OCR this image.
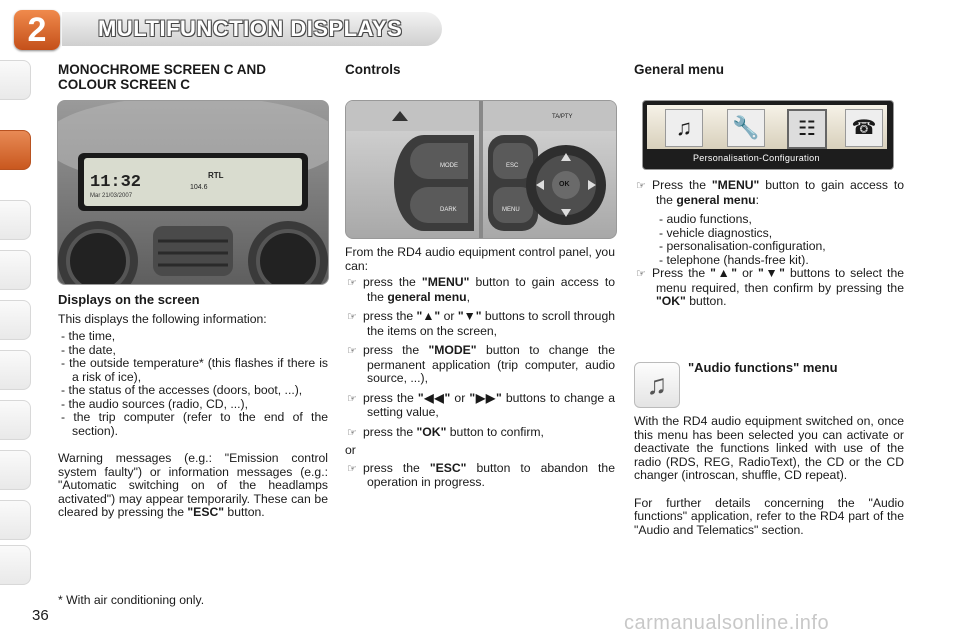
2	MULTIFUNCTION DISPLAYS
MONOCHROME SCREEN C AND COLOUR SCREEN C
11:32
Mar 21/03/2007
RTL
104.6
Displays on the screen

This displays the following information:

- the time,
- the date,
- the outside temperature* (this flashes if there is a risk of ice),
- the status of the accesses (doors, boot, ...),
- the audio sources (radio, CD, ...),
- the trip computer (refer to the end of the section).

Warning messages (e.g.: "Emission control system faulty") or information messages (e.g.: "Automatic switching on of the headlamps activated") may appear temporarily. These can be cleared by pressing the "ESC" button.

Controls
TA/PTY
MODE
DARK
ESC
MENU
OK

From the RD4 audio equipment control panel, you can:

☞ press the "MENU" button to gain access to the general menu,
☞ press the "▲" or "▼" buttons to scroll through the items on the screen,
☞ press the "MODE" button to change the permanent application (trip computer, audio source, ...),
☞ press the "◀◀" or "▶▶" buttons to change a setting value,
☞ press the "OK" button to confirm,

or

☞ press the "ESC" button to abandon the operation in progress.
General menu
♫	🔧	☷	☎
Personalisation-Configuration
☞ Press the "MENU" button to gain access to the general menu:
- audio functions,
- vehicle diagnostics,
- personalisation-configuration,
- telephone (hands-free kit).
☞ Press the "▲" or "▼" buttons to select the menu required, then confirm by pressing the "OK" button.
♫
"Audio functions" menu

With the RD4 audio equipment switched on, once this menu has been selected you can activate or deactivate the functions linked with use of the radio (RDS, REG, RadioText), the CD or the CD changer (introscan, shuffle, CD repeat).

For further details concerning the "Audio functions" application, refer to the RD4 part of the "Audio and Telematics" section.

* With air conditioning only.
36	carmanualsonline.info
